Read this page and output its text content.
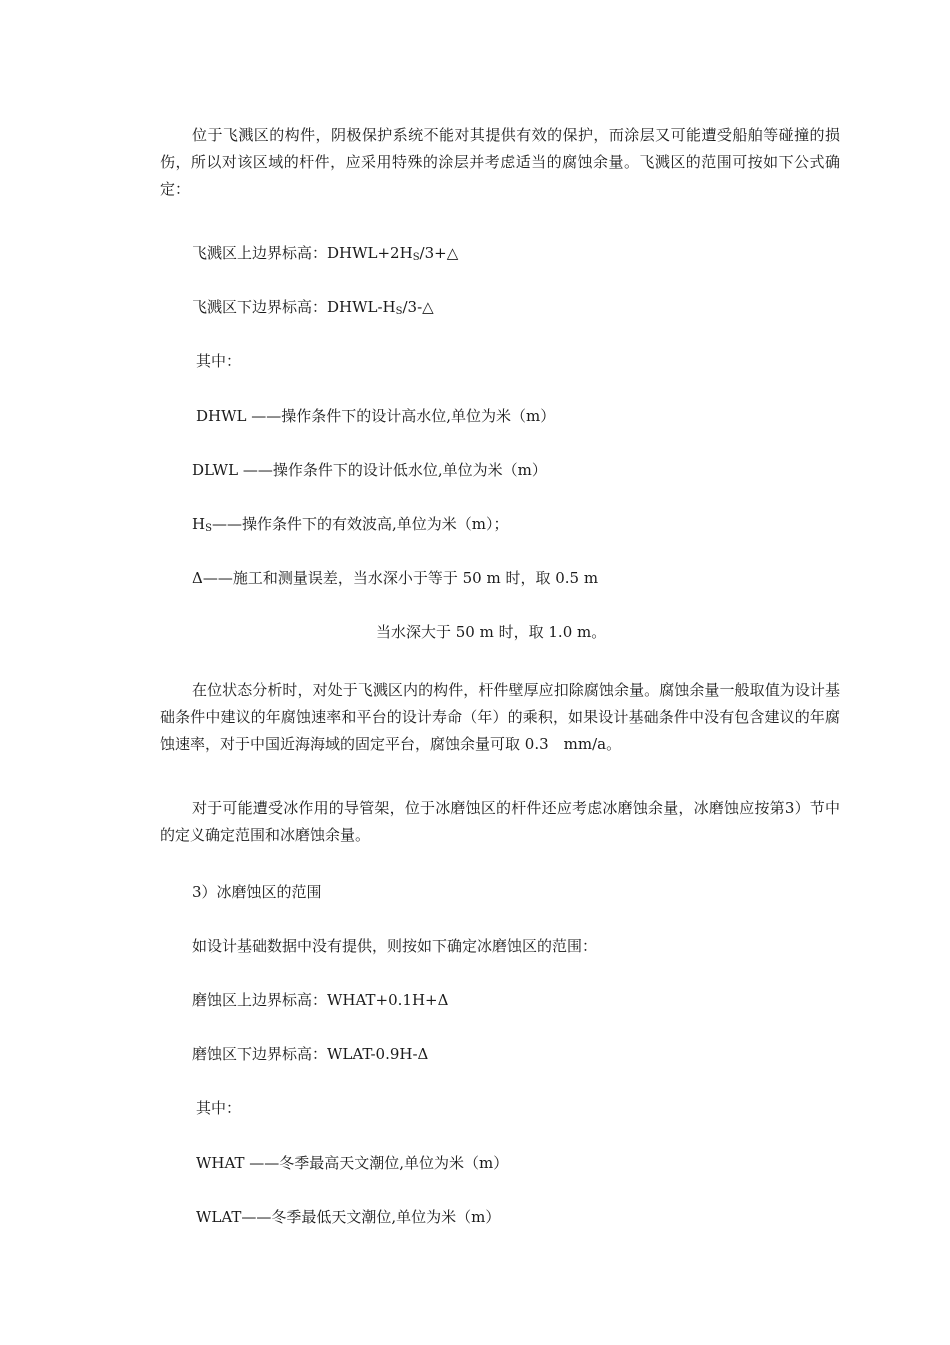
位于飞溅区的构件，阴极保护系统不能对其提供有效的保护，而涂层又可能遭受船舶等碰撞的损伤，所以对该区域的杆件，应采用特殊的涂层并考虑适当的腐蚀余量。飞溅区的范围可按如下公式确定：

飞溅区上边界标高：$DHWL+2H_S/3+\triangle$

飞溅区下边界标高：DHWL-$H_S/3-\triangle$

其中：

DHWL ——操作条件下的设计高水位,单位为米（m）

DLWL ——操作条件下的设计低水位,单位为米（m）

$H_S——$操作条件下的有效波高,单位为米（m）；

Δ——施工和测量误差，当水深小于等于 50 m 时，取 0.5 m

当水深大于 50 m 时，取 1.0 m。

在位状态分析时，对处于飞溅区内的构件，杆件壁厚应扣除腐蚀余量。腐蚀余量一般取值为设计基础条件中建议的年腐蚀速率和平台的设计寿命（年）的乘积，如果设计基础条件中没有包含建议的年腐蚀速率，对于中国近海海域的固定平台，腐蚀余量可取 0.3　mm/a。

对于可能遭受冰作用的导管架，位于冰磨蚀区的杆件还应考虑冰磨蚀余量，冰磨蚀应按第3）节中的定义确定范围和冰磨蚀余量。

3）冰磨蚀区的范围

如设计基础数据中没有提供，则按如下确定冰磨蚀区的范围：

磨蚀区上边界标高：WHAT+0.1H+Δ

磨蚀区下边界标高：WLAT-0.9H-Δ

其中：

WHAT ——冬季最高天文潮位,单位为米（m）

WLAT——冬季最低天文潮位,单位为米（m）
